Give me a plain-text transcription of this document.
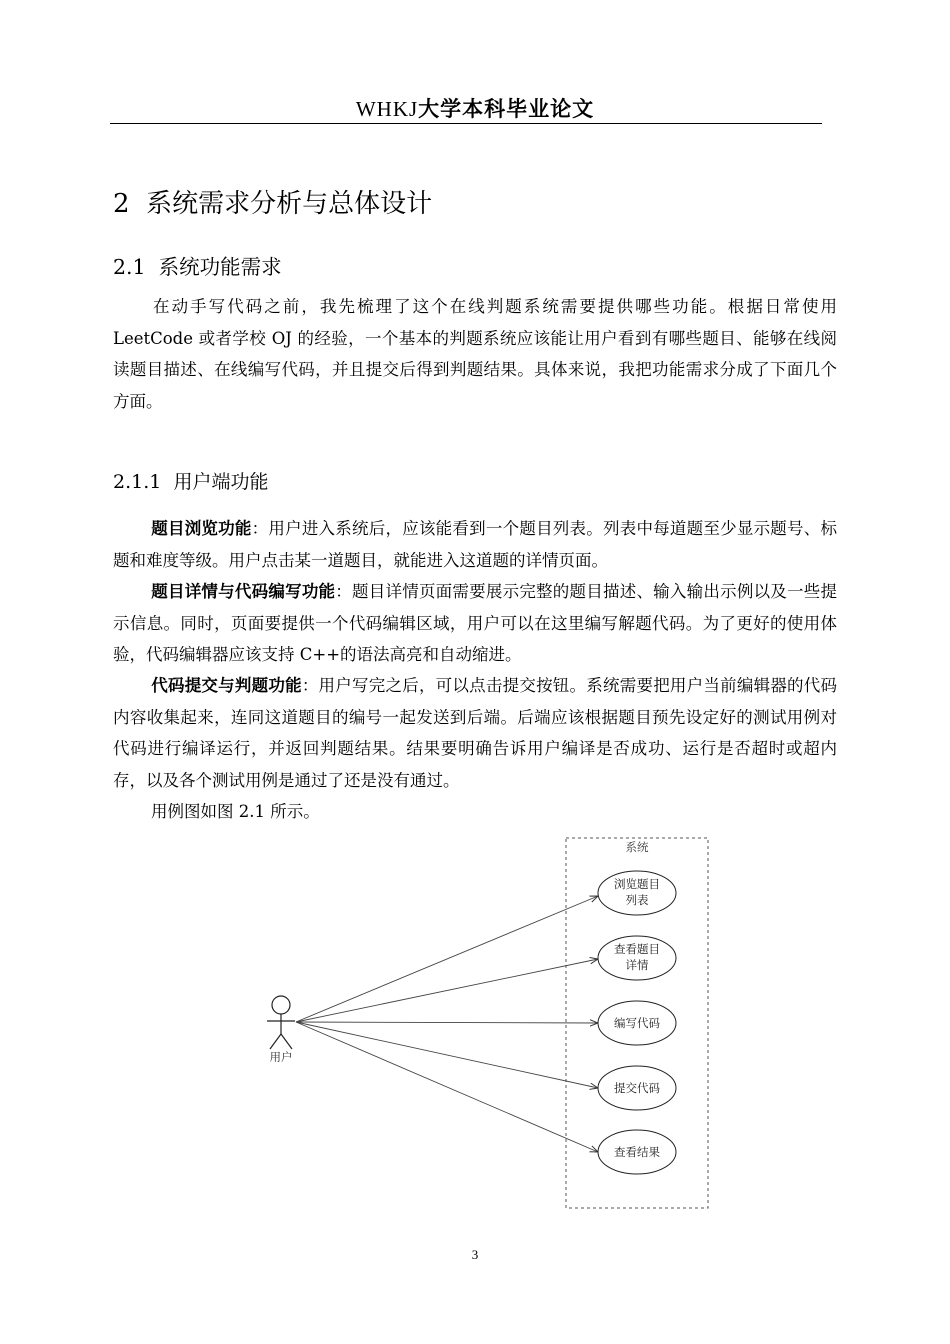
WHKJ大学本科毕业论文
2 系统需求分析与总体设计
2.1 系统功能需求
在动手写代码之前，我先梳理了这个在线判题系统需要提供哪些功能。根据日常使用 LeetCode 或者学校 OJ 的经验，一个基本的判题系统应该能让用户看到有哪些题目、能够在线阅读题目描述、在线编写代码，并且提交后得到判题结果。具体来说，我把功能需求分成了下面几个方面。
2.1.1 用户端功能
题目浏览功能：用户进入系统后，应该能看到一个题目列表。列表中每道题至少显示题号、标题和难度等级。用户点击某一道题目，就能进入这道题的详情页面。
题目详情与代码编写功能：题目详情页面需要展示完整的题目描述、输入输出示例以及一些提示信息。同时，页面要提供一个代码编辑区域，用户可以在这里编写解题代码。为了更好的使用体验，代码编辑器应该支持 C++的语法高亮和自动缩进。
代码提交与判题功能：用户写完之后，可以点击提交按钮。系统需要把用户当前编辑器的代码内容收集起来，连同这道题目的编号一起发送到后端。后端应该根据题目预先设定好的测试用例对代码进行编译运行，并返回判题结果。结果要明确告诉用户编译是否成功、运行是否超时或超内存，以及各个测试用例是通过了还是没有通过。
用例图如图 2.1 所示。
系统
用户
浏览题目
列表
查看题目
详情
编写代码
提交代码
查看结果
3
